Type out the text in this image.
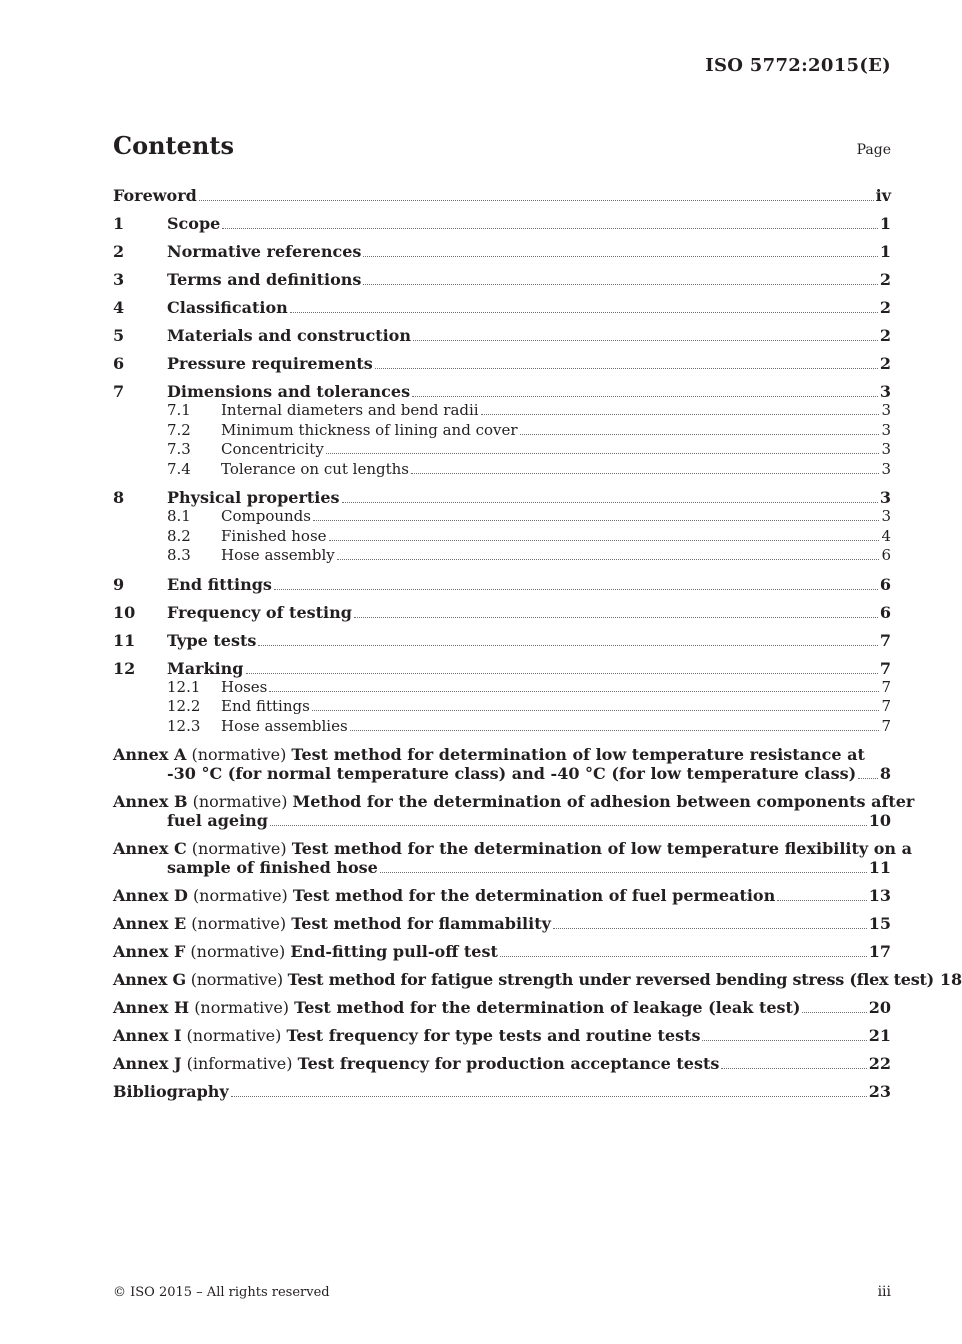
ISO 5772:2015(E)
Contents	Page
Foreword	iv
1	Scope	1
2	Normative references	1
3	Terms and definitions	2
4	Classification	2
5	Materials and construction	2
6	Pressure requirements	2
7	Dimensions and tolerances	3
7.1	Internal diameters and bend radii	3
7.2	Minimum thickness of lining and cover	3
7.3	Concentricity	3
7.4	Tolerance on cut lengths	3
8	Physical properties	3
8.1	Compounds	3
8.2	Finished hose	4
8.3	Hose assembly	6
9	End fittings	6
10	Frequency of testing	6
11	Type tests	7
12	Marking	7
12.1	Hoses	7
12.2	End fittings	7
12.3	Hose assemblies	7
Annex A (normative) Test method for determination of low temperature resistance at
-30 °C (for normal temperature class) and -40 °C (for low temperature class) 8
Annex B (normative) Method for the determination of adhesion between components after
fuel ageing	10
Annex C (normative) Test method for the determination of low temperature flexibility on a
sample of finished hose	11
Annex D (normative) Test method for the determination of fuel permeation	13
Annex E (normative) Test method for flammability	15
Annex F (normative) End-fitting pull-off test	17
Annex G (normative) Test method for fatigue strength under reversed bending stress (flex test) 18
Annex H (normative) Test method for the determination of leakage (leak test)	20
Annex I (normative) Test frequency for type tests and routine tests	21
Annex J (informative) Test frequency for production acceptance tests	22
Bibliography	23
© ISO 2015 – All rights reserved	iii
